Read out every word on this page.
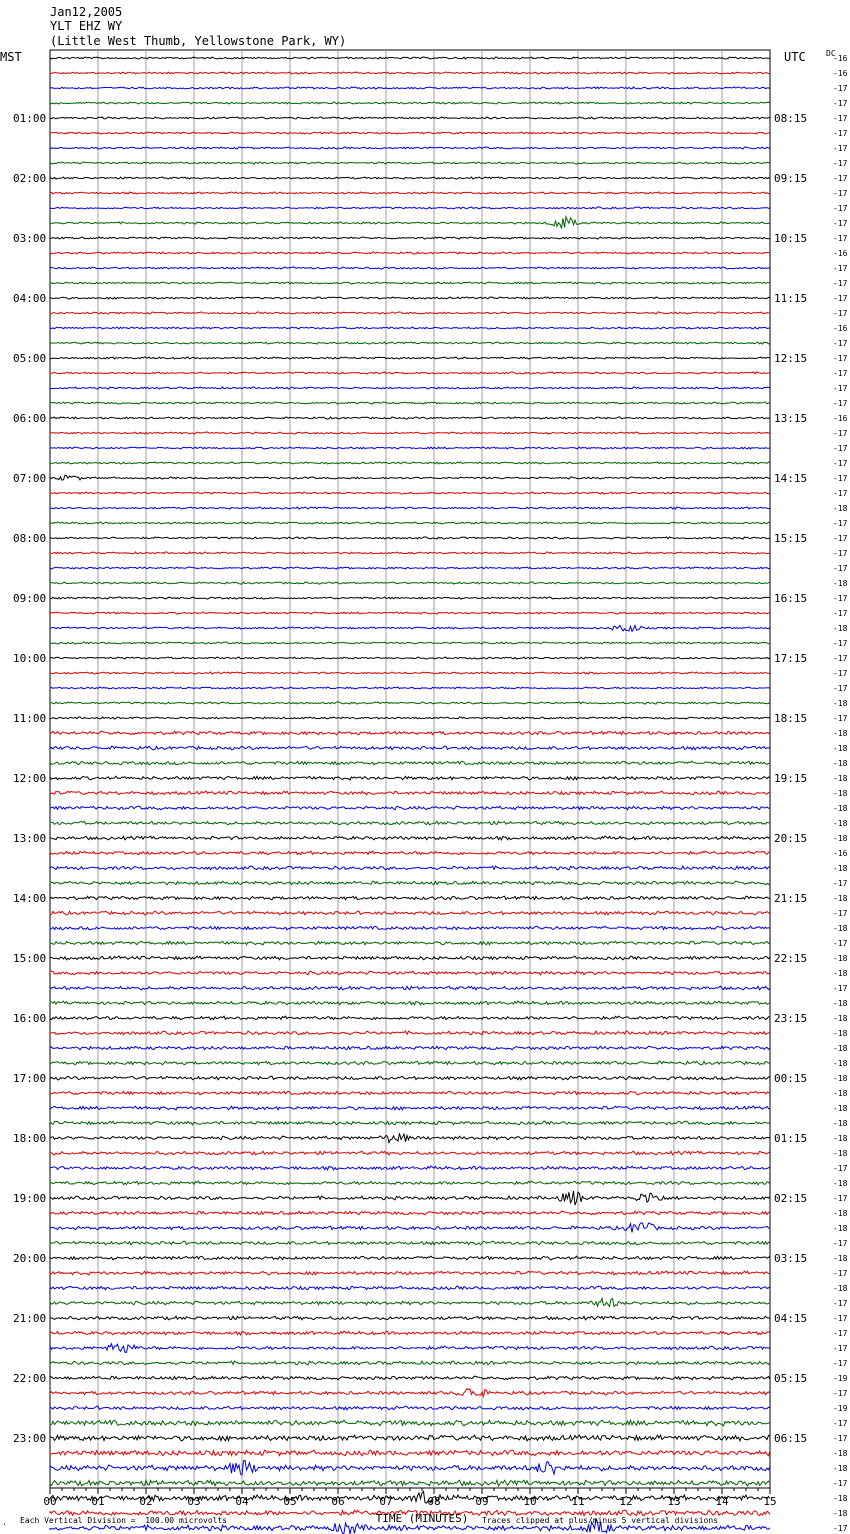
Jan12,2005
YLT EHZ WY
(Little West Thumb, Yellowstone Park, WY)
MST	UTC	DC
-16
-16
-17
-17
-17
-17
-17
-17
-17
-17
-17
-17
-17
-16
-17
-17
-17
-17
-16
-17
-17
-17
-17
-17
-16
-17
-17
-17
-17
-17
-18
-17
-17
-17
-17
-18
-17
-17
-18
-17
-17
-17
-17
-18
-17
-18
-18
-18
-18
-18
-18
-18
-18
-16
-18
-17
-18
-17
-18
-17
-18
-18
-17
-18
-18
-18
-18
-18
-18
-18
-18
-18
-18
-18
-17
-18
-17
-18
-18
-17
-18
-17
-18
-17
-17
-17
-17
-17
-19
-17
-19
-17
-17
-18
-18
-17
-18
-18
-17
01:00	08:15
02:00	09:15
03:00	10:15
04:00	11:15
05:00	12:15
06:00	13:15
07:00	14:15
08:00	15:15
09:00	16:15
10:00	17:15
11:00	18:15
12:00	19:15
13:00	20:15
14:00	21:15
15:00	22:15
16:00	23:15
17:00	00:15
18:00	01:15
19:00	02:15
20:00	03:15
21:00	04:15
22:00	05:15
23:00	06:15
00	01	02	03	04	05	06	07	08	09	10	11	12	13	14	15
TIME (MINUTES)
. Each Vertical Division =  100.00 microvolts	Traces clipped at plus/minus 5 vertical divisions
